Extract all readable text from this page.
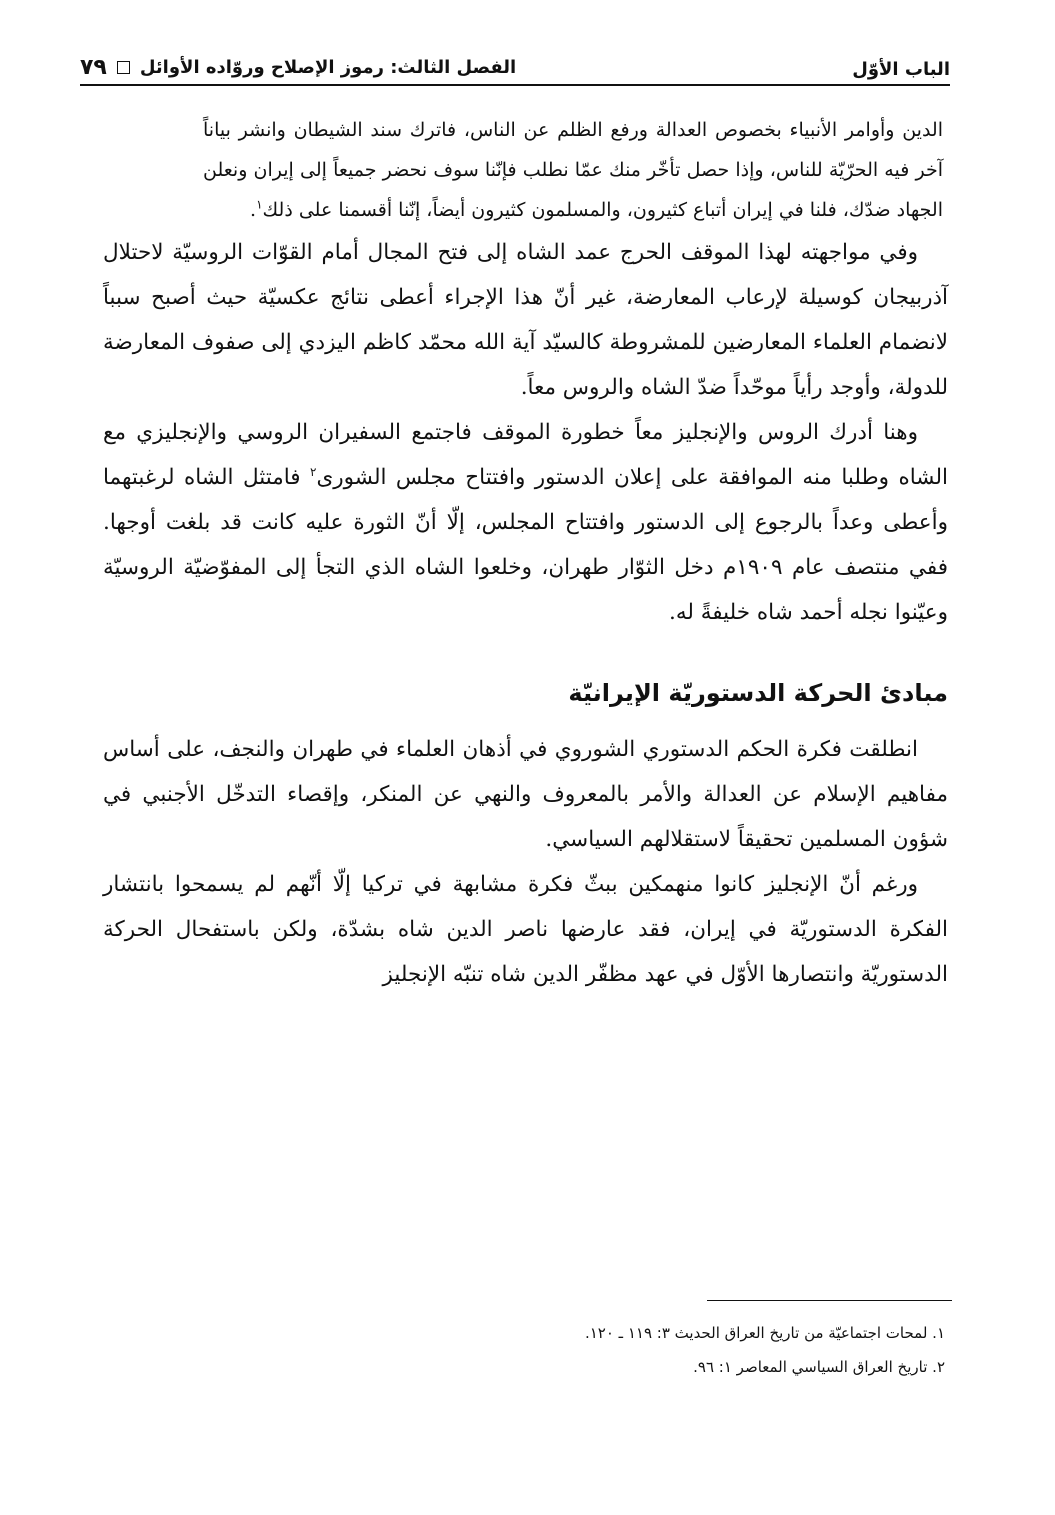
الباب الأوّل
الفصل الثالث: رموز الإصلاح وروّاده الأوائل
٧٩

الدين وأوامر الأنبياء بخصوص العدالة ورفع الظلم عن الناس، فاترك سند الشيطان وانشر بياناً آخر فيه الحرّيّة للناس، وإذا حصل تأخّر منك عمّا نطلب فإنّنا سوف نحضر جميعاً إلى إيران ونعلن الجهاد ضدّك، فلنا في إيران أتباع كثيرون، والمسلمون كثيرون أيضاً، إنّنا أقسمنا على ذلك$^١$.

وفي مواجهته لهذا الموقف الحرج عمد الشاه إلى فتح المجال أمام القوّات الروسيّة لاحتلال آذربيجان كوسيلة لإرعاب المعارضة، غير أنّ هذا الإجراء أعطى نتائج عكسيّة حيث أصبح سبباً لانضمام العلماء المعارضين للمشروطة كالسيّد آية الله محمّد كاظم اليزدي إلى صفوف المعارضة للدولة، وأوجد رأياً موحّداً ضدّ الشاه والروس معاً.

وهنا أدرك الروس والإنجليز معاً خطورة الموقف فاجتمع السفيران الروسي والإنجليزي مع الشاه وطلبا منه الموافقة على إعلان الدستور وافتتاح مجلس الشورى$^٢$ فامتثل الشاه لرغبتهما وأعطى وعداً بالرجوع إلى الدستور وافتتاح المجلس، إلّا أنّ الثورة عليه كانت قد بلغت أوجها. ففي منتصف عام ١٩٠٩م دخل الثوّار طهران، وخلعوا الشاه الذي التجأ إلى المفوّضيّة الروسيّة وعيّنوا نجله أحمد شاه خليفةً له.

مبادئ الحركة الدستوريّة الإيرانيّة

انطلقت فكرة الحكم الدستوري الشوروي في أذهان العلماء في طهران والنجف، على أساس مفاهيم الإسلام عن العدالة والأمر بالمعروف والنهي عن المنكر، وإقصاء التدخّل الأجنبي في شؤون المسلمين تحقيقاً لاستقلالهم السياسي.

ورغم أنّ الإنجليز كانوا منهمكين ببثّ فكرة مشابهة في تركيا إلّا أنّهم لم يسمحوا بانتشار الفكرة الدستوريّة في إيران، فقد عارضها ناصر الدين شاه بشدّة، ولكن باستفحال الحركة الدستوريّة وانتصارها الأوّل في عهد مظفّر الدين شاه تنبّه الإنجليز

١. لمحات اجتماعيّة من تاريخ العراق الحديث ٣: ١١٩ ـ ١٢٠.

٢. تاريخ العراق السياسي المعاصر ١: ٩٦.
